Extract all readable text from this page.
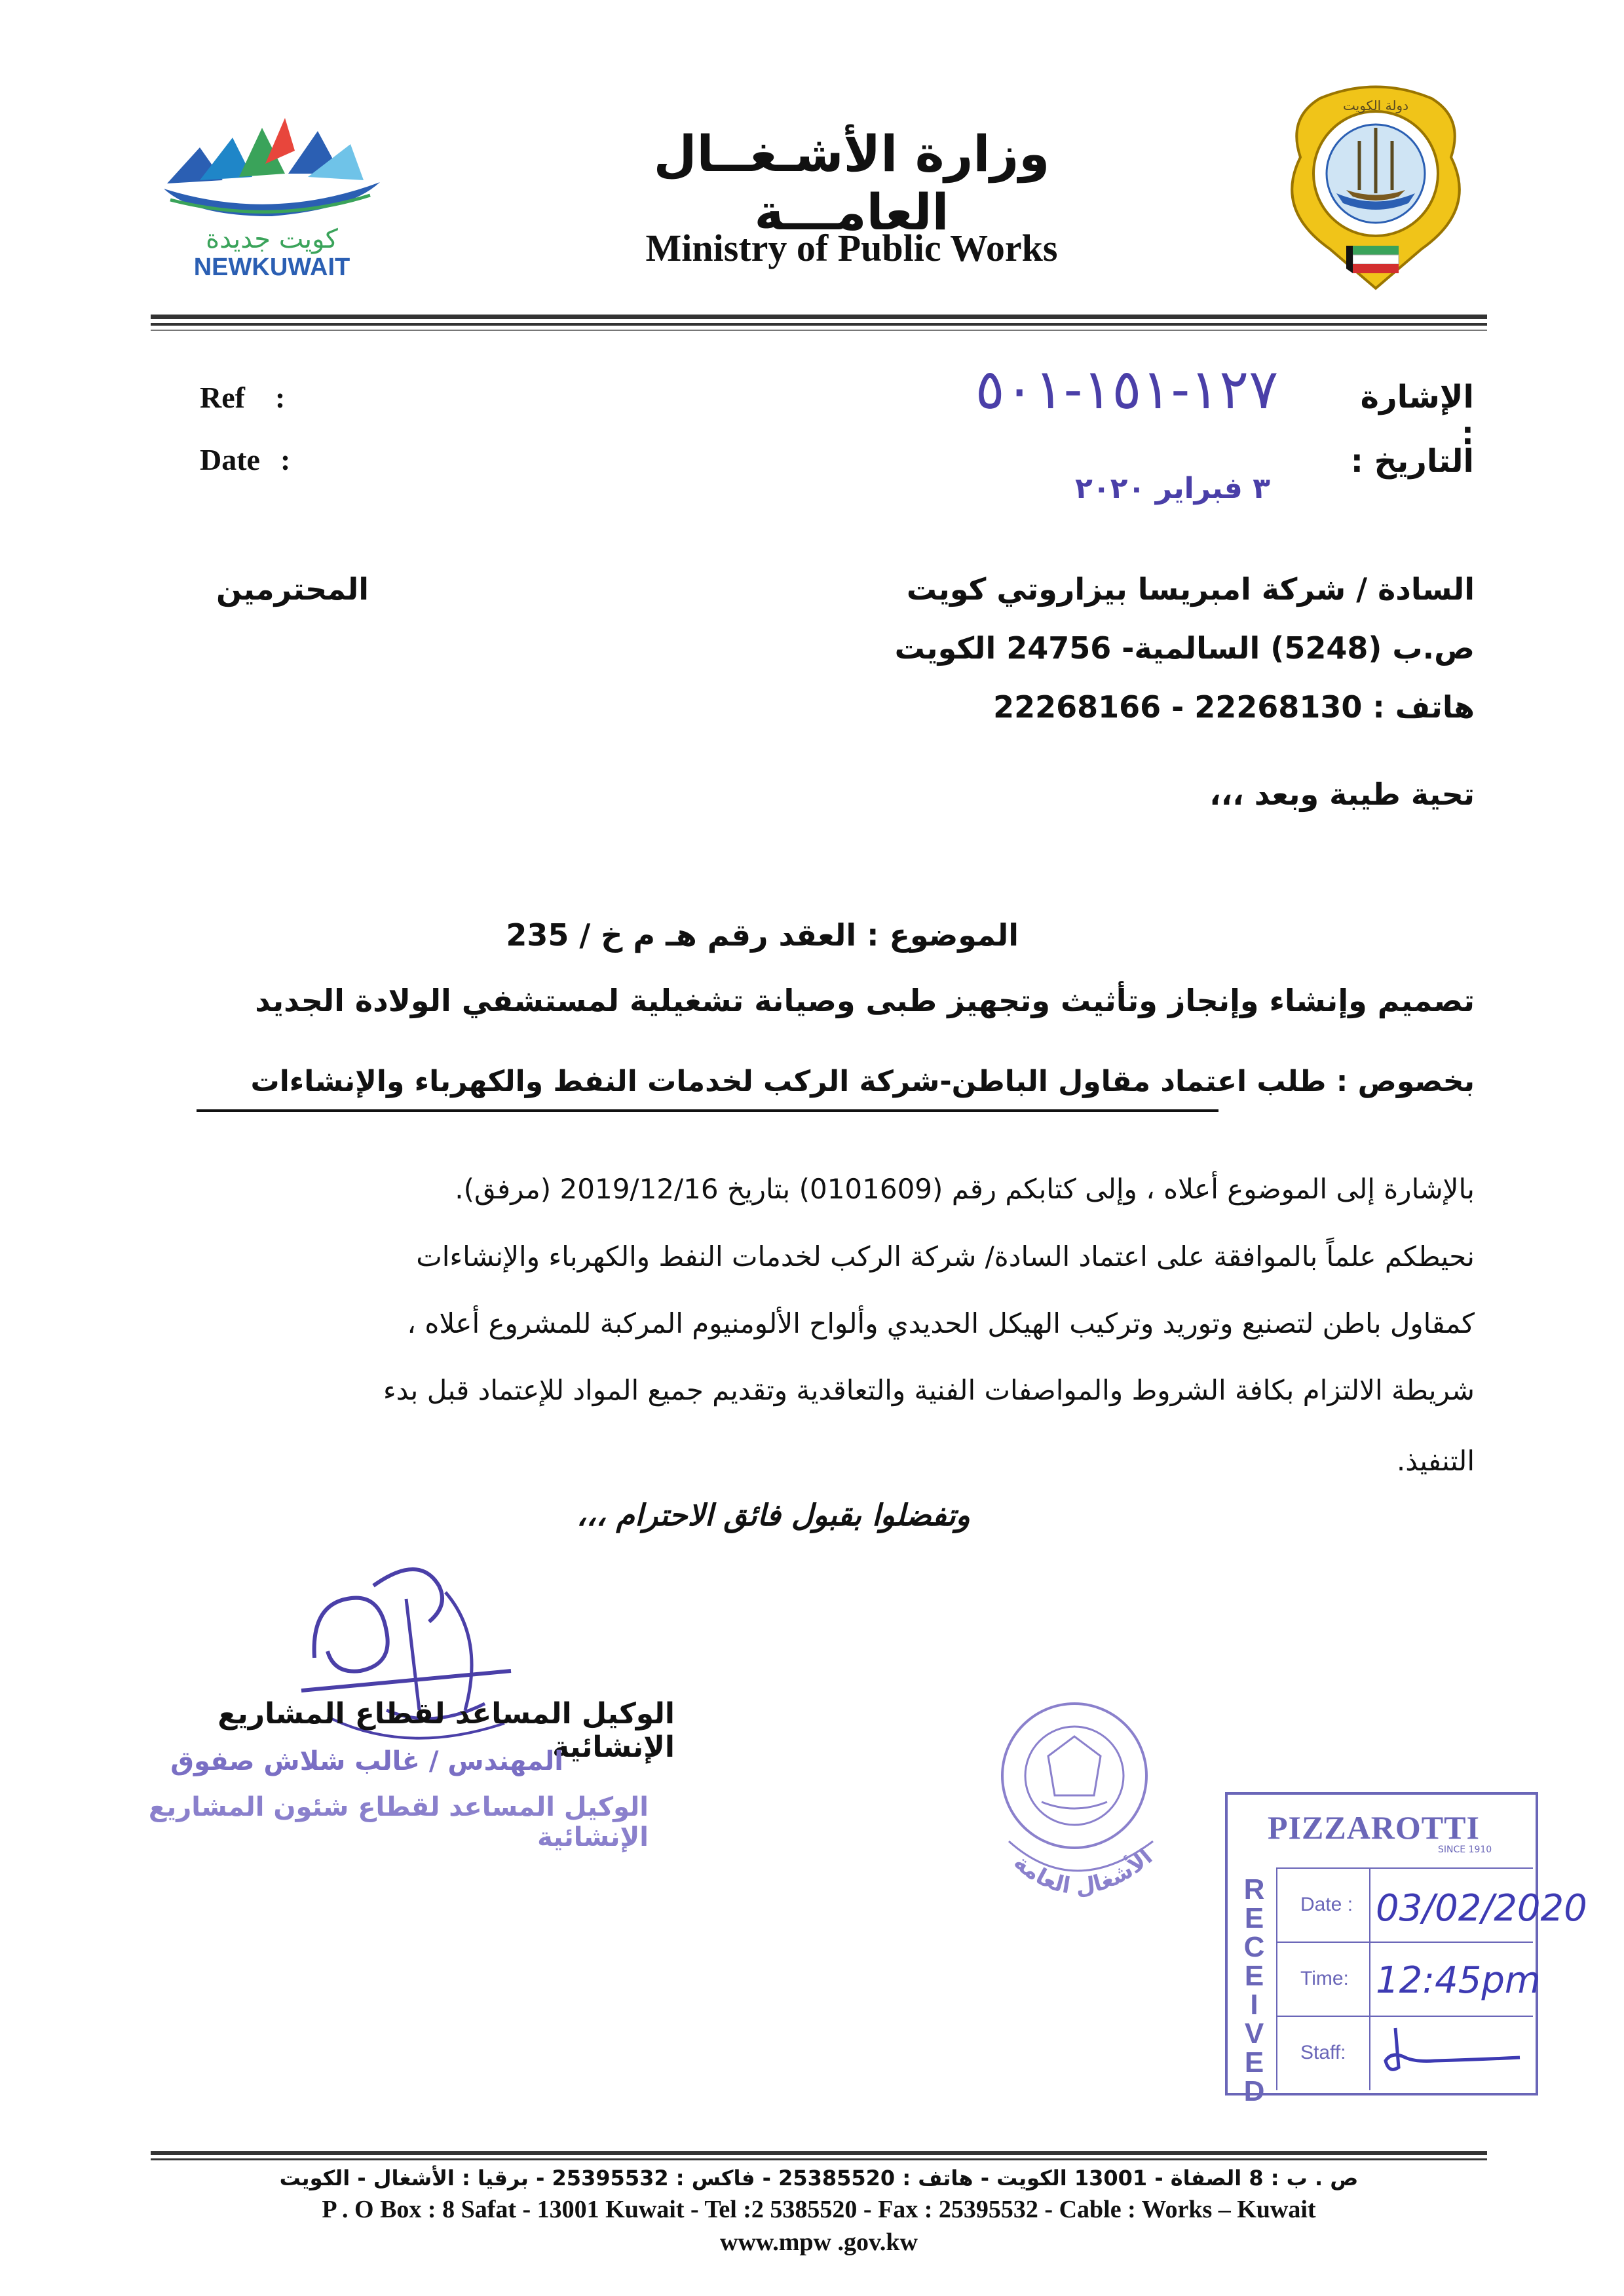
كويت جديدة
NEWKUWAIT
وزارة الأشـغــال العامـــة
Ministry of Public Works
دولة الكويت
Ref :
Date :
الإشارة :
التاريخ :
١٢٧-١٥١-٥٠١
٣ فبراير ٢٠٢٠
السادة / شركة امبريسا بيزاروتي كويت
ص.ب (5248) السالمية- 24756 الكويت
هاتف : 22268130 - 22268166
المحترمين
تحية طيبة وبعد ،،،
الموضوع : العقد رقم هـ م خ / 235
تصميم وإنشاء وإنجاز وتأثيث وتجهيز طبى وصيانة تشغيلية لمستشفي الولادة الجديد
بخصوص : طلب اعتماد مقاول الباطن-شركة الركب لخدمات النفط والكهرباء والإنشاءات
بالإشارة إلى الموضوع أعلاه ، وإلى كتابكم رقم (0101609) بتاريخ 2019/12/16 (مرفق).
نحيطكم علماً بالموافقة على اعتماد السادة/ شركة الركب لخدمات النفط والكهرباء والإنشاءات
كمقاول باطن لتصنيع وتوريد وتركيب الهيكل الحديدي وألواح الألومنيوم المركبة للمشروع أعلاه ،
شريطة الالتزام بكافة الشروط والمواصفات الفنية والتعاقدية وتقديم جميع المواد للإعتماد قبل بدء
التنفيذ.
وتفضلوا بقبول فائق الاحترام ،،،
الوكيل المساعد لقطاع المشاريع الإنشائية
المهندس / غالب شلاش صفوق
الوكيل المساعد لقطاع شئون المشاريع الإنشائية
الأشغال العامة
PIZZAROTTI
SINCE 1910
R
E
C
E
I
V
E
D
Date :
Time:
Staff:
03/02/2020
12:45pm
ص . ب : 8 الصفاة - 13001 الكويت - هاتف : 25385520 - فاكس : 25395532 - برقيا : الأشغال - الكويت
P . O Box : 8 Safat - 13001 Kuwait - Tel :2 5385520 - Fax : 25395532 - Cable : Works – Kuwait
www.mpw .gov.kw
